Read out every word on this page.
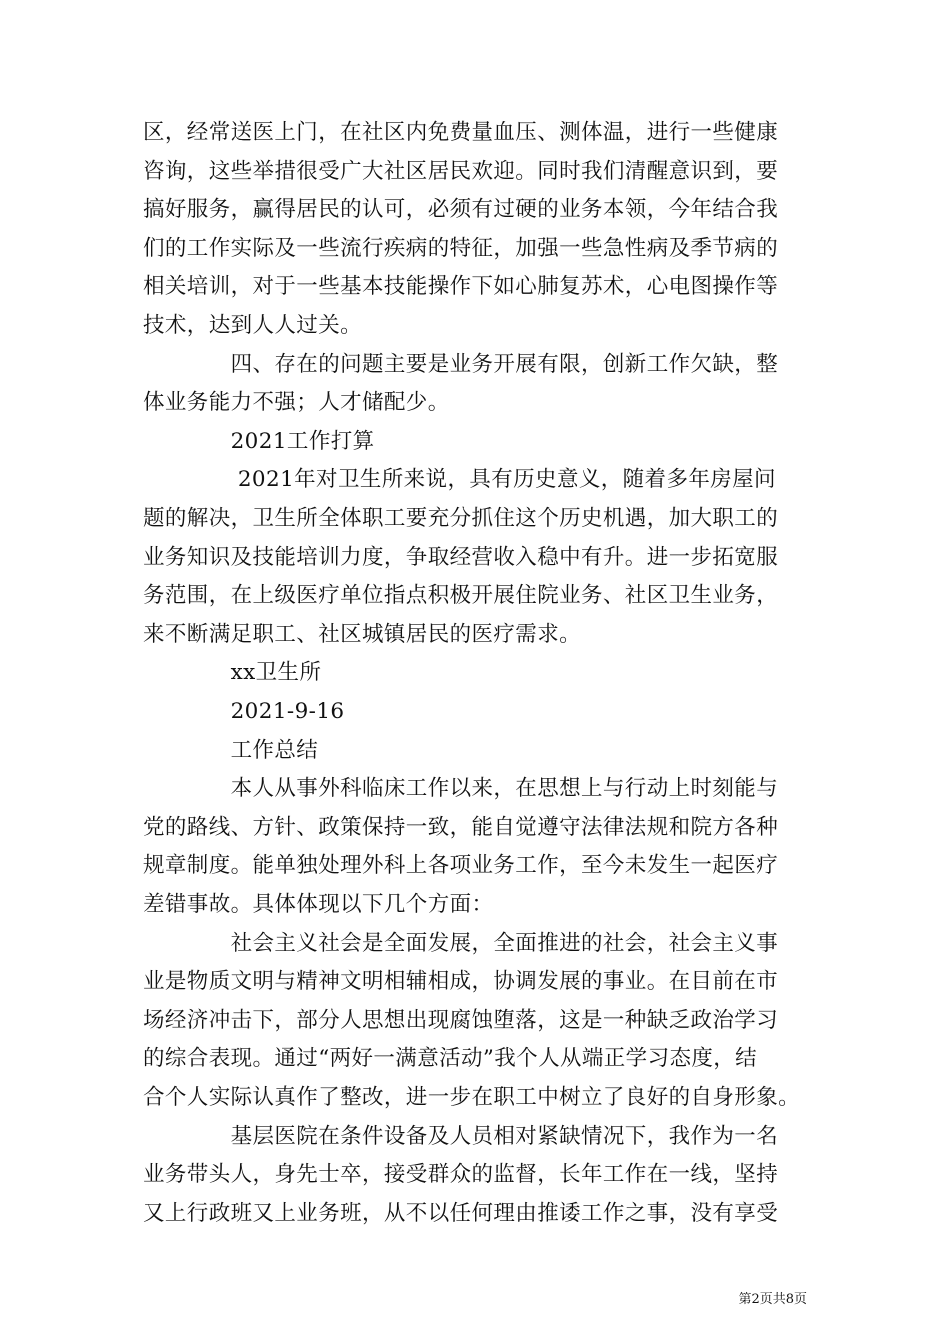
区，经常送医上门，在社区内免费量血压、测体温，进行一些健康
咨询，这些举措很受广大社区居民欢迎。同时我们清醒意识到，要
搞好服务，赢得居民的认可，必须有过硬的业务本领，今年结合我
们的工作实际及一些流行疾病的特征，加强一些急性病及季节病的
相关培训，对于一些基本技能操作下如心肺复苏术，心电图操作等
技术，达到人人过关。
　　　　四、存在的问题主要是业务开展有限，创新工作欠缺，整
体业务能力不强；人才储配少。
　　　　2021工作打算
　　　　 2021年对卫生所来说，具有历史意义，随着多年房屋问
题的解决，卫生所全体职工要充分抓住这个历史机遇，加大职工的
业务知识及技能培训力度，争取经营收入稳中有升。进一步拓宽服
务范围，在上级医疗单位指点积极开展住院业务、社区卫生业务，
来不断满足职工、社区城镇居民的医疗需求。
　　　　xx卫生所
　　　　2021-9-16
　　　　工作总结
　　　　本人从事外科临床工作以来，在思想上与行动上时刻能与
党的路线、方针、政策保持一致，能自觉遵守法律法规和院方各种
规章制度。能单独处理外科上各项业务工作，至今未发生一起医疗
差错事故。具体体现以下几个方面：
　　　　社会主义社会是全面发展，全面推进的社会，社会主义事
业是物质文明与精神文明相辅相成，协调发展的事业。在目前在市
场经济冲击下，部分人思想出现腐蚀堕落，这是一种缺乏政治学习
的综合表现。通过“两好一满意活动”我个人从端正学习态度，结
合个人实际认真作了整改，进一步在职工中树立了良好的自身形象。
　　　　基层医院在条件设备及人员相对紧缺情况下，我作为一名
业务带头人，身先士卒，接受群众的监督，长年工作在一线，坚持
又上行政班又上业务班，从不以任何理由推诿工作之事，没有享受
第2页共8页
